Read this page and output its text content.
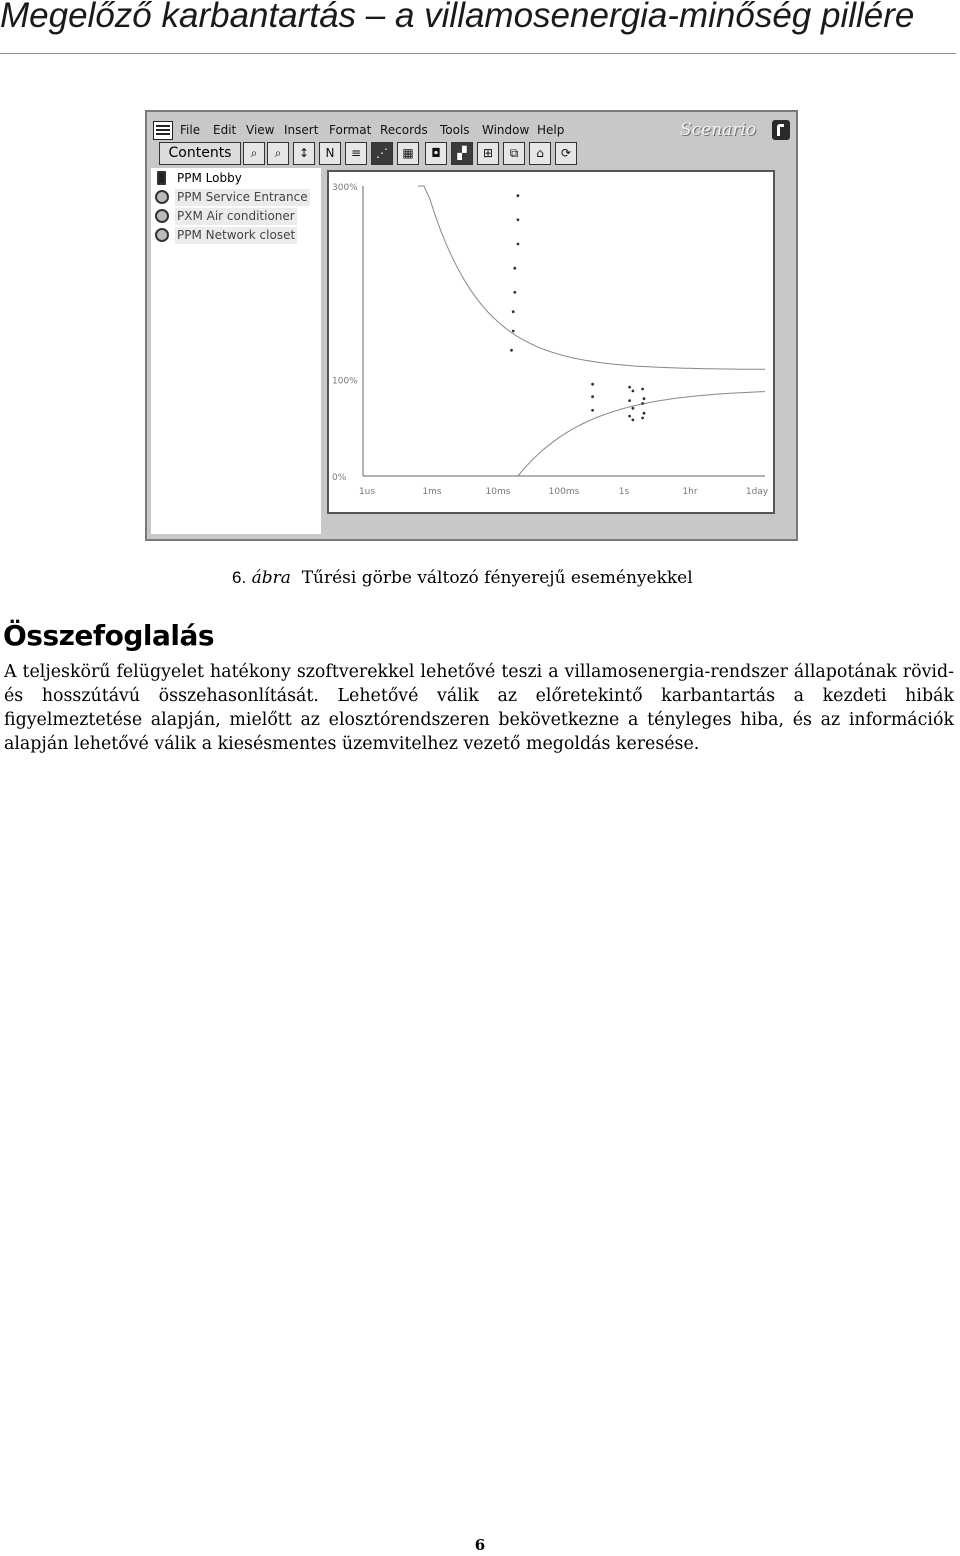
Megelőző karbantartás – a villamosenergia-minőség pillére
File Edit View Insert Format Records Tools Window Help	Scenario
Contents	⌕	⌕	↕	N	≡	⋰	▦	◘	▞	⊞	⧉	⌂	⟳
PPM Lobby
PPM Service Entrance
PXM Air conditioner
PPM Network closet
300%
100%
0%
1us	1ms	10ms	100ms	1s	1hr	1day
6. ábra Tűrési görbe változó fényerejű eseményekkel
Összefoglalás
A teljeskörű felügyelet hatékony szoftverekkel lehetővé teszi a villamosenergia-rendszer állapotának rövid-
és hosszútávú összehasonlítását. Lehetővé válik az előretekintő karbantartás a kezdeti hibák
figyelmeztetése alapján, mielőtt az elosztórendszeren bekövetkezne a tényleges hiba, és az információk
alapján lehetővé válik a kiesésmentes üzemvitelhez vezető megoldás keresése.
6
